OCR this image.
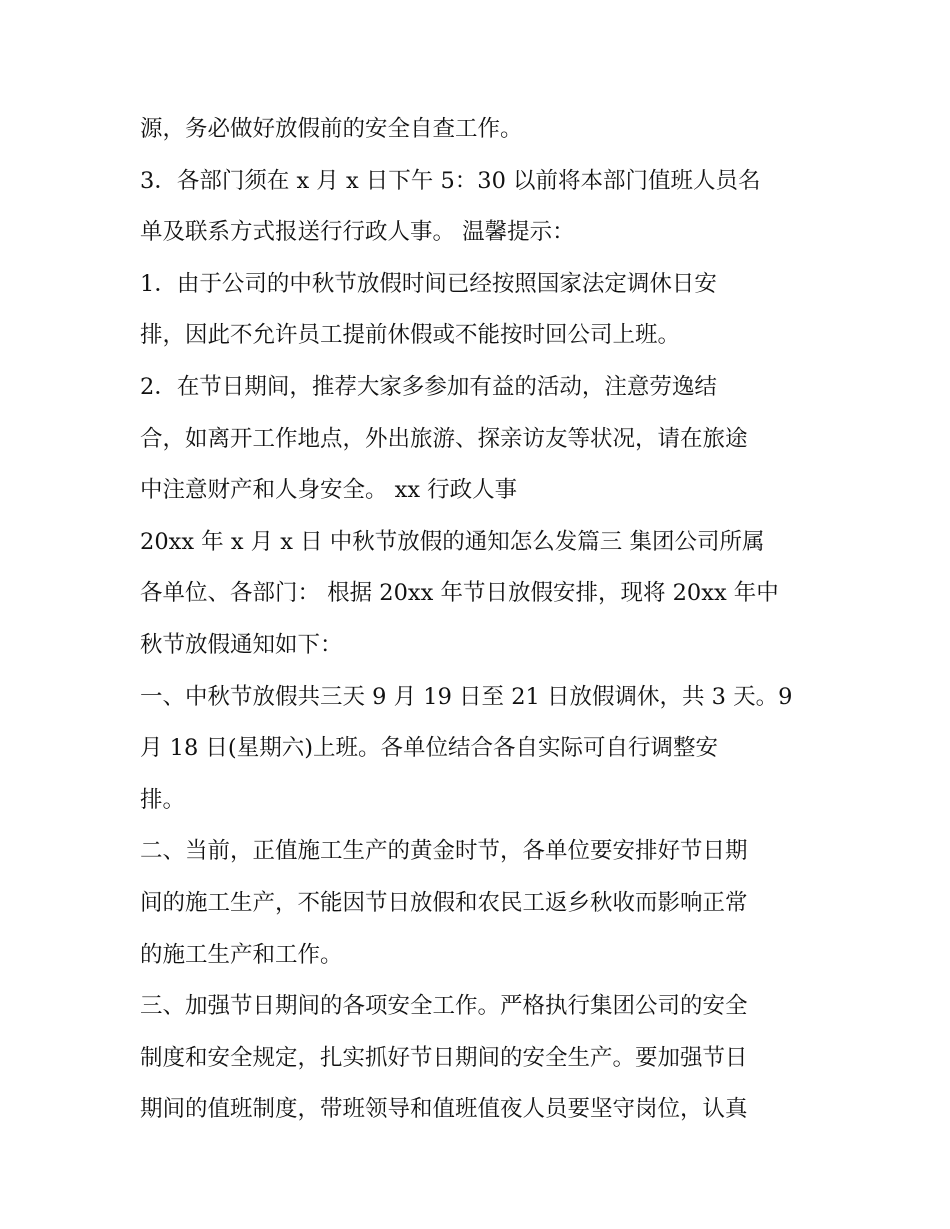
源，务必做好放假前的安全自查工作。
3．各部门须在 x 月 x 日下午 5：30 以前将本部门值班人员名
单及联系方式报送行行政人事。 温馨提示：
1．由于公司的中秋节放假时间已经按照国家法定调休日安
排，因此不允许员工提前休假或不能按时回公司上班。
2．在节日期间，推荐大家多参加有益的活动，注意劳逸结
合，如离开工作地点，外出旅游、探亲访友等状况，请在旅途
中注意财产和人身安全。 xx 行政人事
20xx 年 x 月 x 日 中秋节放假的通知怎么发篇三 集团公司所属
各单位、各部门： 根据 20xx 年节日放假安排，现将 20xx 年中
秋节放假通知如下：
一、中秋节放假共三天 9 月 19 日至 21 日放假调休，共 3 天。9
月 18 日(星期六)上班。各单位结合各自实际可自行调整安
排。
二、当前，正值施工生产的黄金时节，各单位要安排好节日期
间的施工生产，不能因节日放假和农民工返乡秋收而影响正常
的施工生产和工作。
三、加强节日期间的各项安全工作。严格执行集团公司的安全
制度和安全规定，扎实抓好节日期间的安全生产。要加强节日
期间的值班制度，带班领导和值班值夜人员要坚守岗位，认真
